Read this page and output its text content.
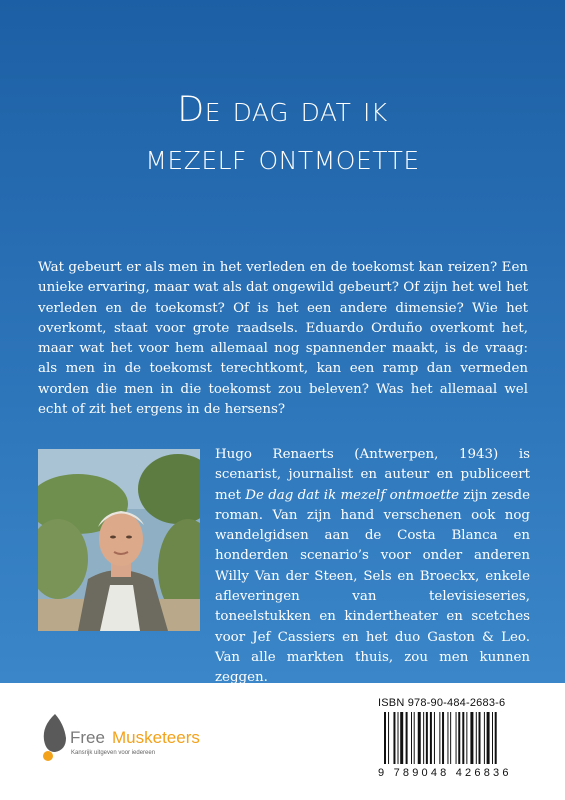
De dag dat ik
mezelf ontmoette

Wat gebeurt er als men in het verleden en de toekomst kan reizen? Een unieke ervaring, maar wat als dat ongewild gebeurt? Of zijn het wel het verleden en de toekomst? Of is het een andere dimensie? Wie het overkomt, staat voor grote raadsels. Eduardo Orduño overkomt het, maar wat het voor hem allemaal nog spannender maakt, is de vraag: als men in de toekomst terechtkomt, kan een ramp dan vermeden worden die men in die toekomst zou beleven? Was het allemaal wel echt of zit het ergens in de hersens?

Hugo Renaerts (Antwerpen, 1943) is scenarist, journalist en auteur en publiceert met De dag dat ik mezelf ontmoette zijn zesde roman. Van zijn hand verschenen ook nog wandelgidsen aan de Costa Blanca en honderden scenario’s voor onder anderen Willy Van der Steen, Sels en Broeckx, enkele afleveringen van televisieseries, toneelstukken en kindertheater en scetches voor Jef Cassiers en het duo Gaston & Leo. Van alle markten thuis, zou men kunnen zeggen.

Free Musketeers
Kansrijk uitgeven voor iedereen
ISBN 978-90-484-2683-6
9 789048 426836
